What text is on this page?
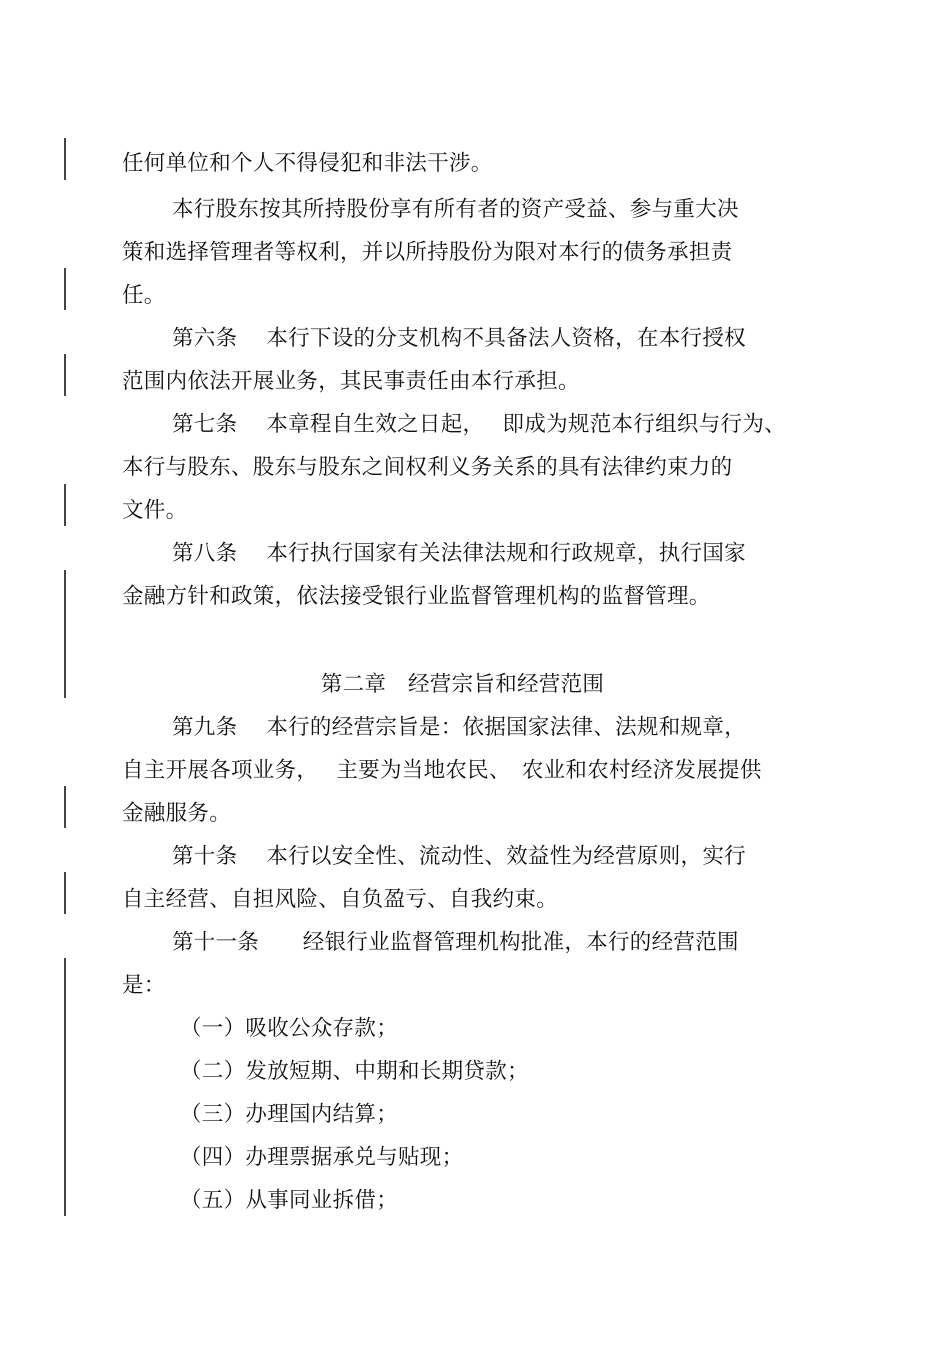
任何单位和个人不得侵犯和非法干涉。
本行股东按其所持股份享有所有者的资产受益、参与重大决
策和选择管理者等权利，并以所持股份为限对本行的债务承担责
任。
第六条　 本行下设的分支机构不具备法人资格，在本行授权
范围内依法开展业务，其民事责任由本行承担。
第七条　 本章程自生效之日起，　 即成为规范本行组织与行为、
本行与股东、股东与股东之间权利义务关系的具有法律约束力的
文件。
第八条　 本行执行国家有关法律法规和行政规章，执行国家
金融方针和政策，依法接受银行业监督管理机构的监督管理。
第二章　经营宗旨和经营范围
第九条　 本行的经营宗旨是：依据国家法律、法规和规章，
自主开展各项业务，　 主要为当地农民、　农业和农村经济发展提供
金融服务。
第十条　 本行以安全性、流动性、效益性为经营原则，实行
自主经营、自担风险、自负盈亏、自我约束。
第十一条　　经银行业监督管理机构批准，本行的经营范围
是：
（一）吸收公众存款；
（二）发放短期、中期和长期贷款；
（三）办理国内结算；
（四）办理票据承兑与贴现；
（五）从事同业拆借；
